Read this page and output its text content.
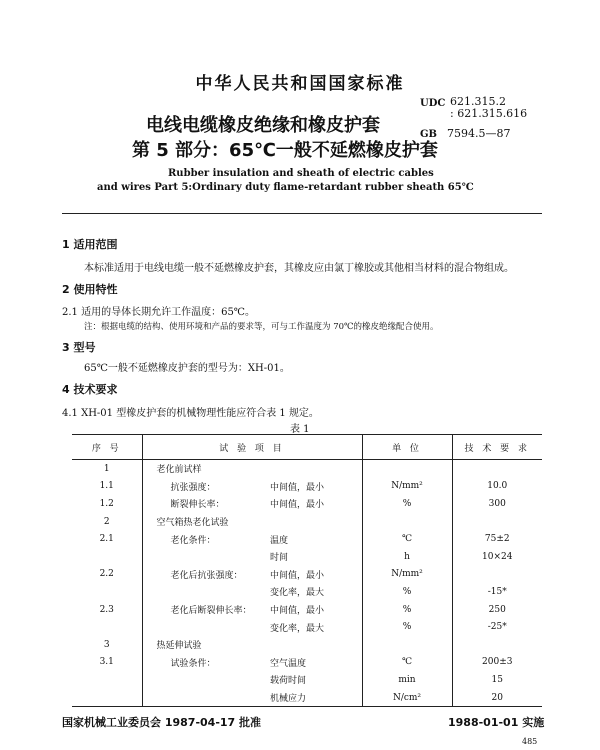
中华人民共和国国家标准
电线电缆橡皮绝缘和橡皮护套
第 5 部分：65℃一般不延燃橡皮护套
UDC 621.315.2
: 621.315.616
GB 7594.5—87
Rubber insulation and sheath of electric cables
and wires Part 5:Ordinary duty flame-retardant rubber sheath 65℃
1 适用范围
本标准适用于电线电缆一般不延燃橡皮护套，其橡皮应由氯丁橡胶或其他相当材料的混合物组成。
2 使用特性
2.1 适用的导体长期允许工作温度：65℃。
注：根据电缆的结构、使用环境和产品的要求等，可与工作温度为 70℃的橡皮绝缘配合使用。
3 型号
65℃一般不延燃橡皮护套的型号为：XH-01。
4 技术要求
4.1 XH-01 型橡皮护套的机械物理性能应符合表 1 规定。
表 1
序 号	试 验 项 目		单 位	技 术 要 求
1	老化前试样			
1.1	抗张强度：	中间值，最小	N/mm²	10.0
1.2	断裂伸长率：	中间值，最小	%	300
2	空气箱热老化试验			
2.1	老化条件：	温度	℃	75±2
		时间	h	10×24
2.2	老化后抗张强度：	中间值，最小	N/mm²	
		变化率，最大	%	-15*
2.3	老化后断裂伸长率：	中间值，最小	%	250
		变化率，最大	%	-25*
3	热延伸试验			
3.1	试验条件：	空气温度	℃	200±3
		载荷时间	min	15
		机械应力	N/cm²	20
国家机械工业委员会 1987-04-17 批准	1988-01-01 实施
485
